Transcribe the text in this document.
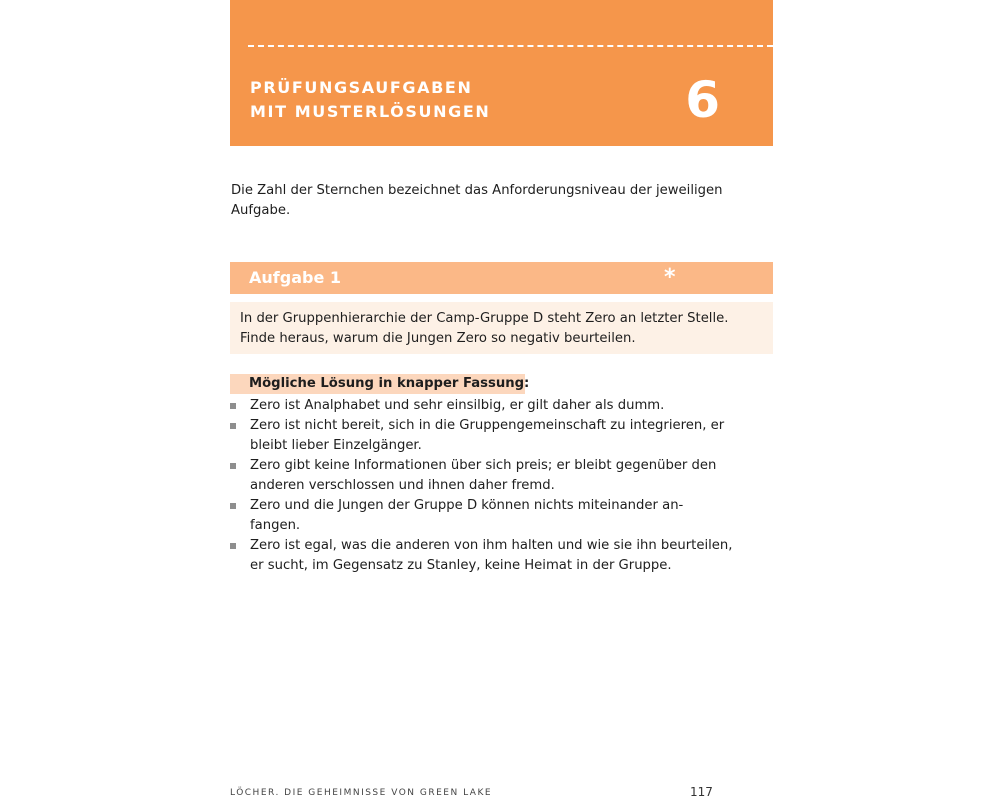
PRÜFUNGSAUFGABEN
MIT MUSTERLÖSUNGEN	6

Die Zahl der Sternchen bezeichnet das Anforderungsniveau der jeweiligen
Aufgabe.

Aufgabe 1	*

In der Gruppenhierarchie der Camp-Gruppe D steht Zero an letzter Stelle.
Finde heraus, warum die Jungen Zero so negativ beurteilen.

Mögliche Lösung in knapper Fassung:
Zero ist Analphabet und sehr einsilbig, er gilt daher als dumm.
Zero ist nicht bereit, sich in die Gruppengemeinschaft zu integrieren, er
bleibt lieber Einzelgänger.
Zero gibt keine Informationen über sich preis; er bleibt gegenüber den
anderen verschlossen und ihnen daher fremd.
Zero und die Jungen der Gruppe D können nichts miteinander an-
fangen.
Zero ist egal, was die anderen von ihm halten und wie sie ihn beurteilen,
er sucht, im Gegensatz zu Stanley, keine Heimat in der Gruppe.
LÖCHER. DIE GEHEIMNISSE VON GREEN LAKE	117
